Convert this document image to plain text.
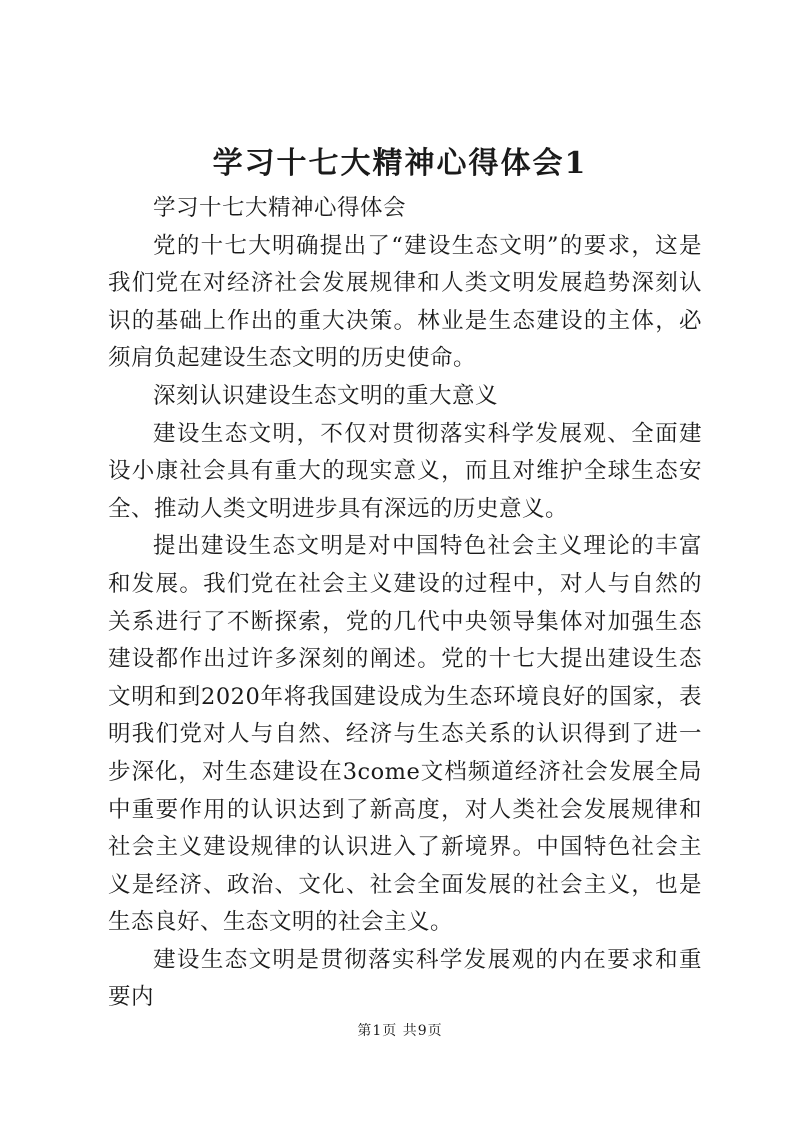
学习十七大精神心得体会1

学习十七大精神心得体会

党的十七大明确提出了“建设生态文明”的要求，这是我们党在对经济社会发展规律和人类文明发展趋势深刻认识的基础上作出的重大决策。林业是生态建设的主体，必须肩负起建设生态文明的历史使命。

深刻认识建设生态文明的重大意义

建设生态文明，不仅对贯彻落实科学发展观、全面建设小康社会具有重大的现实意义，而且对维护全球生态安全、推动人类文明进步具有深远的历史意义。

提出建设生态文明是对中国特色社会主义理论的丰富和发展。我们党在社会主义建设的过程中，对人与自然的关系进行了不断探索，党的几代中央领导集体对加强生态建设都作出过许多深刻的阐述。党的十七大提出建设生态文明和到2020年将我国建设成为生态环境良好的国家，表明我们党对人与自然、经济与生态关系的认识得到了进一步深化，对生态建设在3come文档频道经济社会发展全局中重要作用的认识达到了新高度，对人类社会发展规律和社会主义建设规律的认识进入了新境界。中国特色社会主义是经济、政治、文化、社会全面发展的社会主义，也是生态良好、生态文明的社会主义。

建设生态文明是贯彻落实科学发展观的内在要求和重要内

第1页 共9页
